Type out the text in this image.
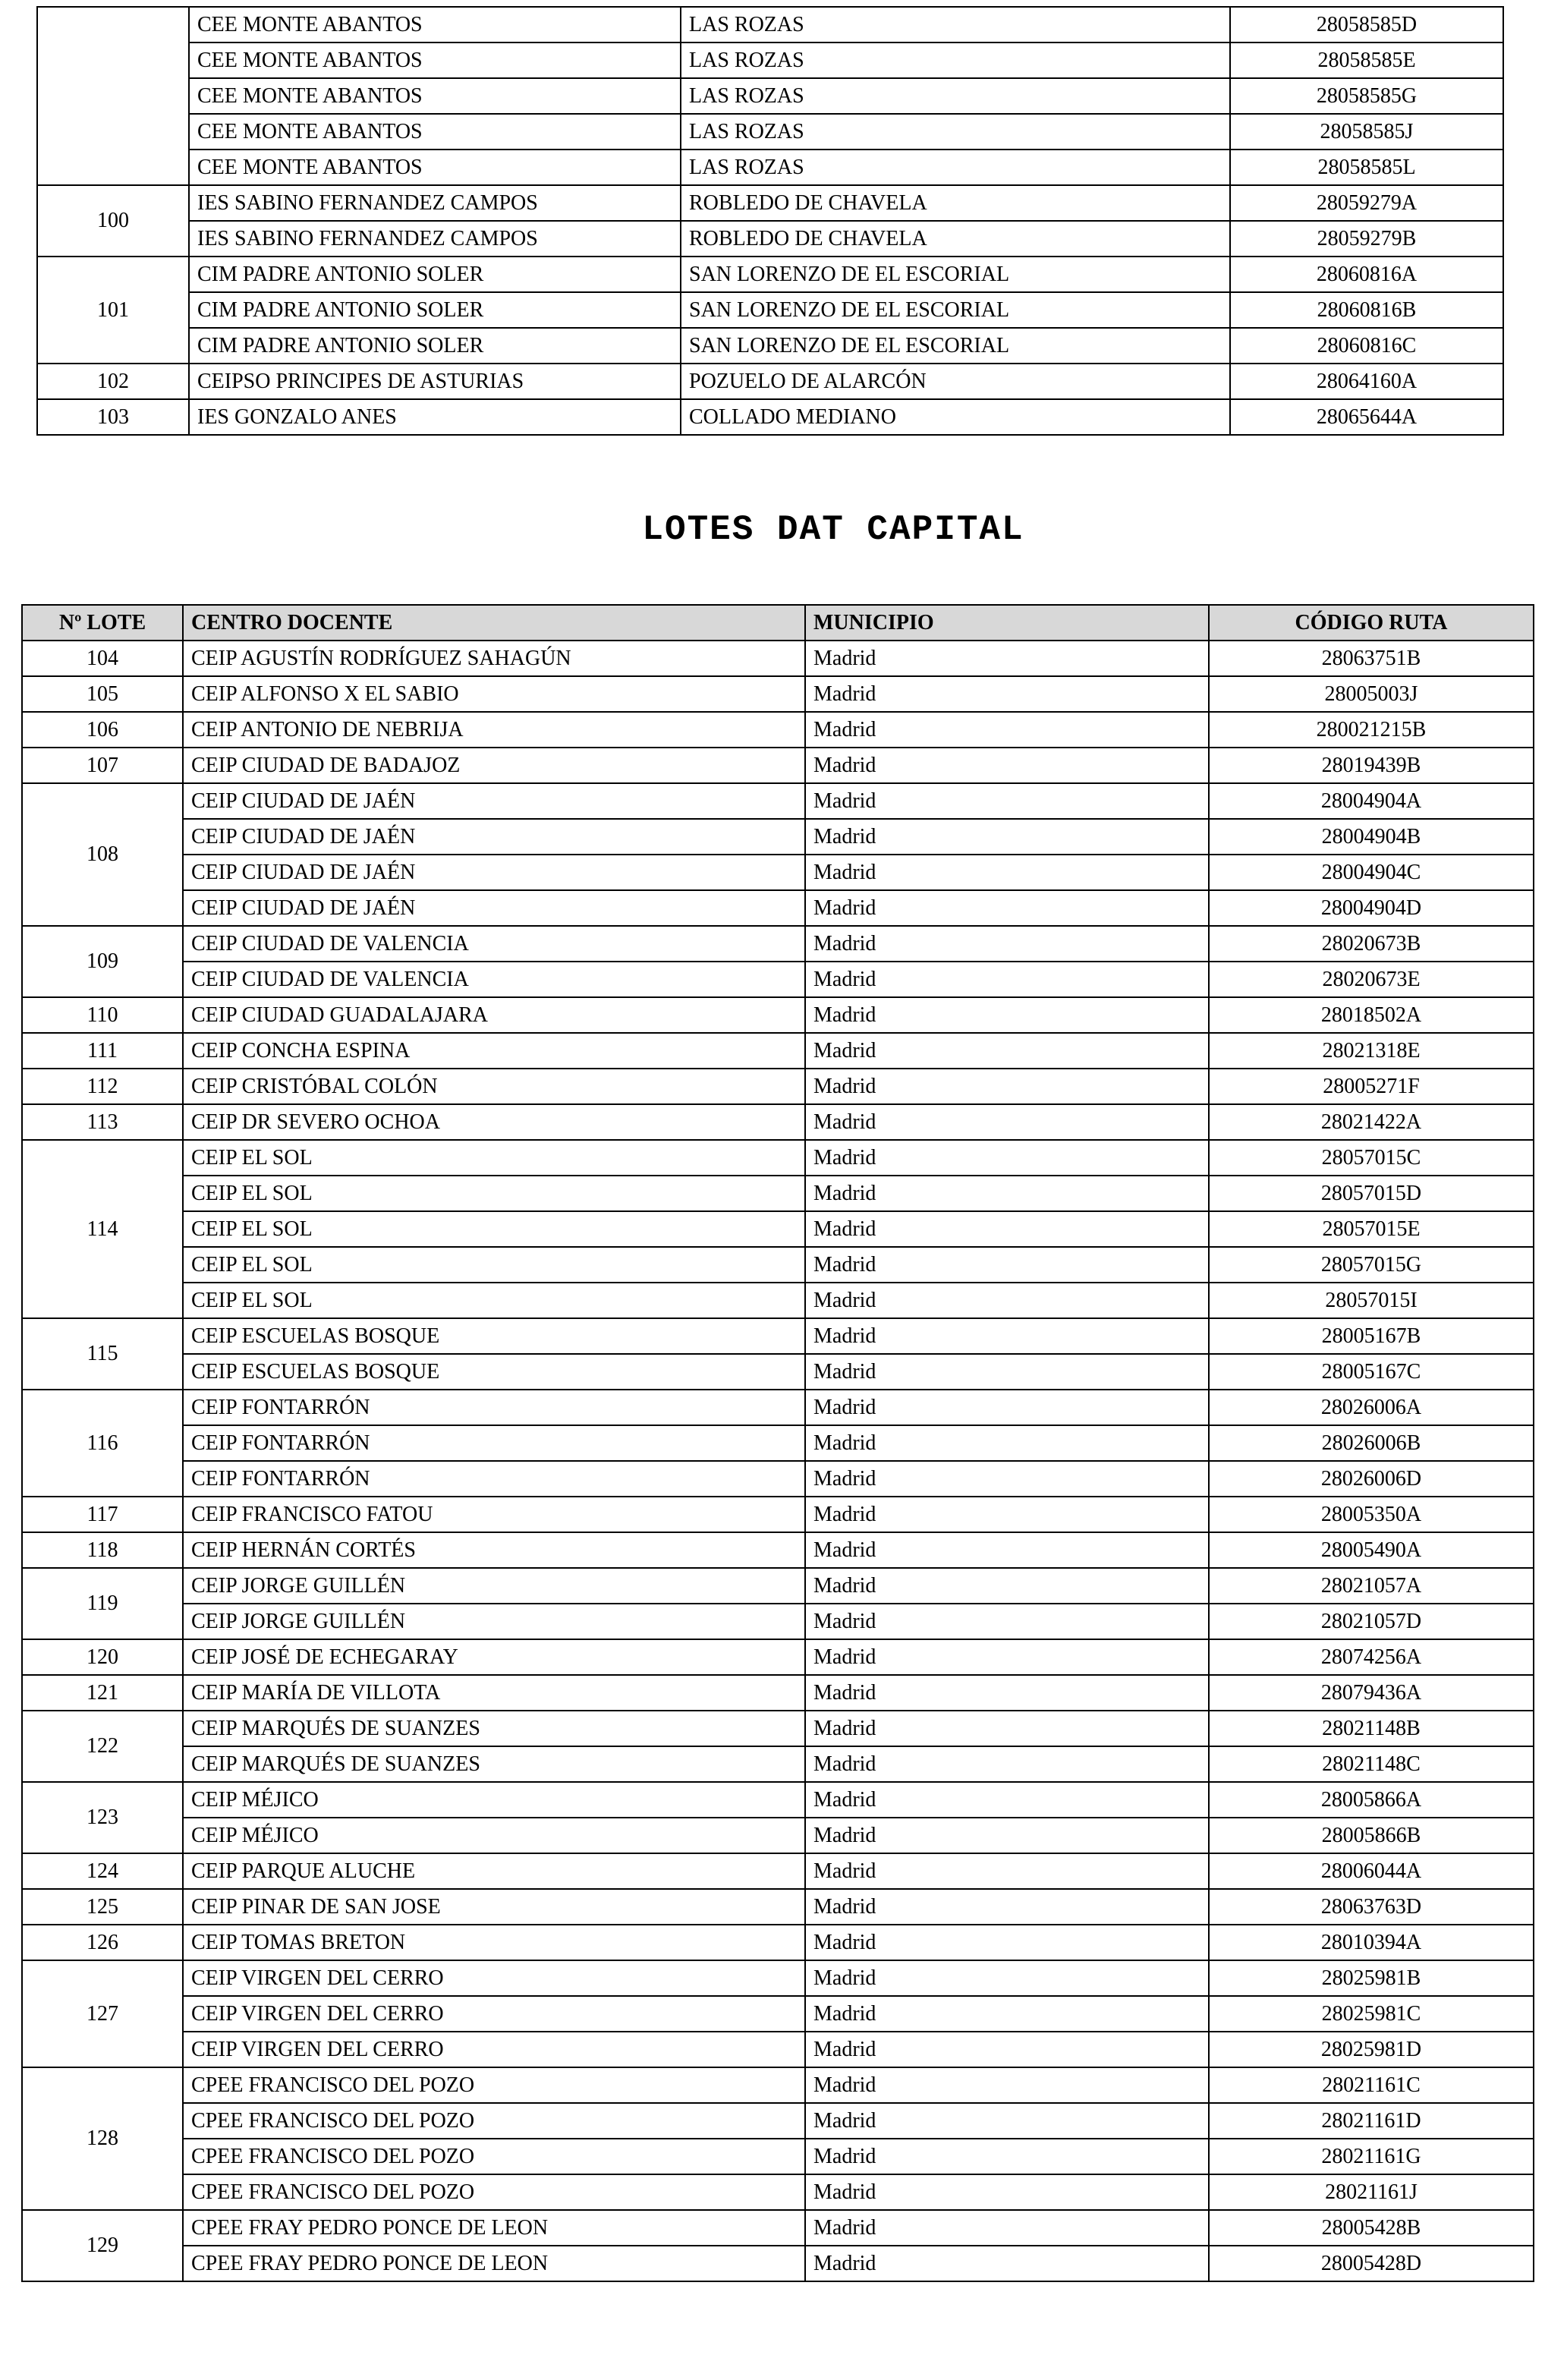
	CEE MONTE ABANTOS	LAS ROZAS	28058585D
	CEE MONTE ABANTOS	LAS ROZAS	28058585E
	CEE MONTE ABANTOS	LAS ROZAS	28058585G
	CEE MONTE ABANTOS	LAS ROZAS	28058585J
	CEE MONTE ABANTOS	LAS ROZAS	28058585L
100	IES SABINO FERNANDEZ CAMPOS	ROBLEDO DE CHAVELA	28059279A
	IES SABINO FERNANDEZ CAMPOS	ROBLEDO DE CHAVELA	28059279B
101	CIM PADRE ANTONIO SOLER	SAN LORENZO DE EL ESCORIAL	28060816A
	CIM PADRE ANTONIO SOLER	SAN LORENZO DE EL ESCORIAL	28060816B
	CIM PADRE ANTONIO SOLER	SAN LORENZO DE EL ESCORIAL	28060816C
102	CEIPSO PRINCIPES DE ASTURIAS	POZUELO DE ALARCÓN	28064160A
103	IES GONZALO ANES	COLLADO MEDIANO	28065644A
LOTES DAT CAPITAL
Nº LOTE	CENTRO DOCENTE	MUNICIPIO	CÓDIGO RUTA
104	CEIP AGUSTÍN RODRÍGUEZ SAHAGÚN	Madrid	28063751B
105	CEIP ALFONSO X EL SABIO	Madrid	28005003J
106	CEIP ANTONIO DE NEBRIJA	Madrid	280021215B
107	CEIP CIUDAD DE BADAJOZ	Madrid	28019439B
108	CEIP CIUDAD DE JAÉN	Madrid	28004904A
	CEIP CIUDAD DE JAÉN	Madrid	28004904B
	CEIP CIUDAD DE JAÉN	Madrid	28004904C
	CEIP CIUDAD DE JAÉN	Madrid	28004904D
109	CEIP CIUDAD DE VALENCIA	Madrid	28020673B
	CEIP CIUDAD DE VALENCIA	Madrid	28020673E
110	CEIP CIUDAD GUADALAJARA	Madrid	28018502A
111	CEIP CONCHA ESPINA	Madrid	28021318E
112	CEIP CRISTÓBAL COLÓN	Madrid	28005271F
113	CEIP DR SEVERO OCHOA	Madrid	28021422A
114	CEIP EL SOL	Madrid	28057015C
	CEIP EL SOL	Madrid	28057015D
	CEIP EL SOL	Madrid	28057015E
	CEIP EL SOL	Madrid	28057015G
	CEIP EL SOL	Madrid	28057015I
115	CEIP ESCUELAS BOSQUE	Madrid	28005167B
	CEIP ESCUELAS BOSQUE	Madrid	28005167C
116	CEIP FONTARRÓN	Madrid	28026006A
	CEIP FONTARRÓN	Madrid	28026006B
	CEIP FONTARRÓN	Madrid	28026006D
117	CEIP FRANCISCO FATOU	Madrid	28005350A
118	CEIP HERNÁN CORTÉS	Madrid	28005490A
119	CEIP JORGE GUILLÉN	Madrid	28021057A
	CEIP JORGE GUILLÉN	Madrid	28021057D
120	CEIP JOSÉ DE ECHEGARAY	Madrid	28074256A
121	CEIP MARÍA DE VILLOTA	Madrid	28079436A
122	CEIP MARQUÉS DE SUANZES	Madrid	28021148B
	CEIP MARQUÉS DE SUANZES	Madrid	28021148C
123	CEIP MÉJICO	Madrid	28005866A
	CEIP MÉJICO	Madrid	28005866B
124	CEIP PARQUE ALUCHE	Madrid	28006044A
125	CEIP PINAR DE SAN JOSE	Madrid	28063763D
126	CEIP TOMAS BRETON	Madrid	28010394A
127	CEIP VIRGEN DEL CERRO	Madrid	28025981B
	CEIP VIRGEN DEL CERRO	Madrid	28025981C
	CEIP VIRGEN DEL CERRO	Madrid	28025981D
128	CPEE FRANCISCO DEL POZO	Madrid	28021161C
	CPEE FRANCISCO DEL POZO	Madrid	28021161D
	CPEE FRANCISCO DEL POZO	Madrid	28021161G
	CPEE FRANCISCO DEL POZO	Madrid	28021161J
129	CPEE FRAY PEDRO PONCE DE LEON	Madrid	28005428B
	CPEE FRAY PEDRO PONCE DE LEON	Madrid	28005428D
